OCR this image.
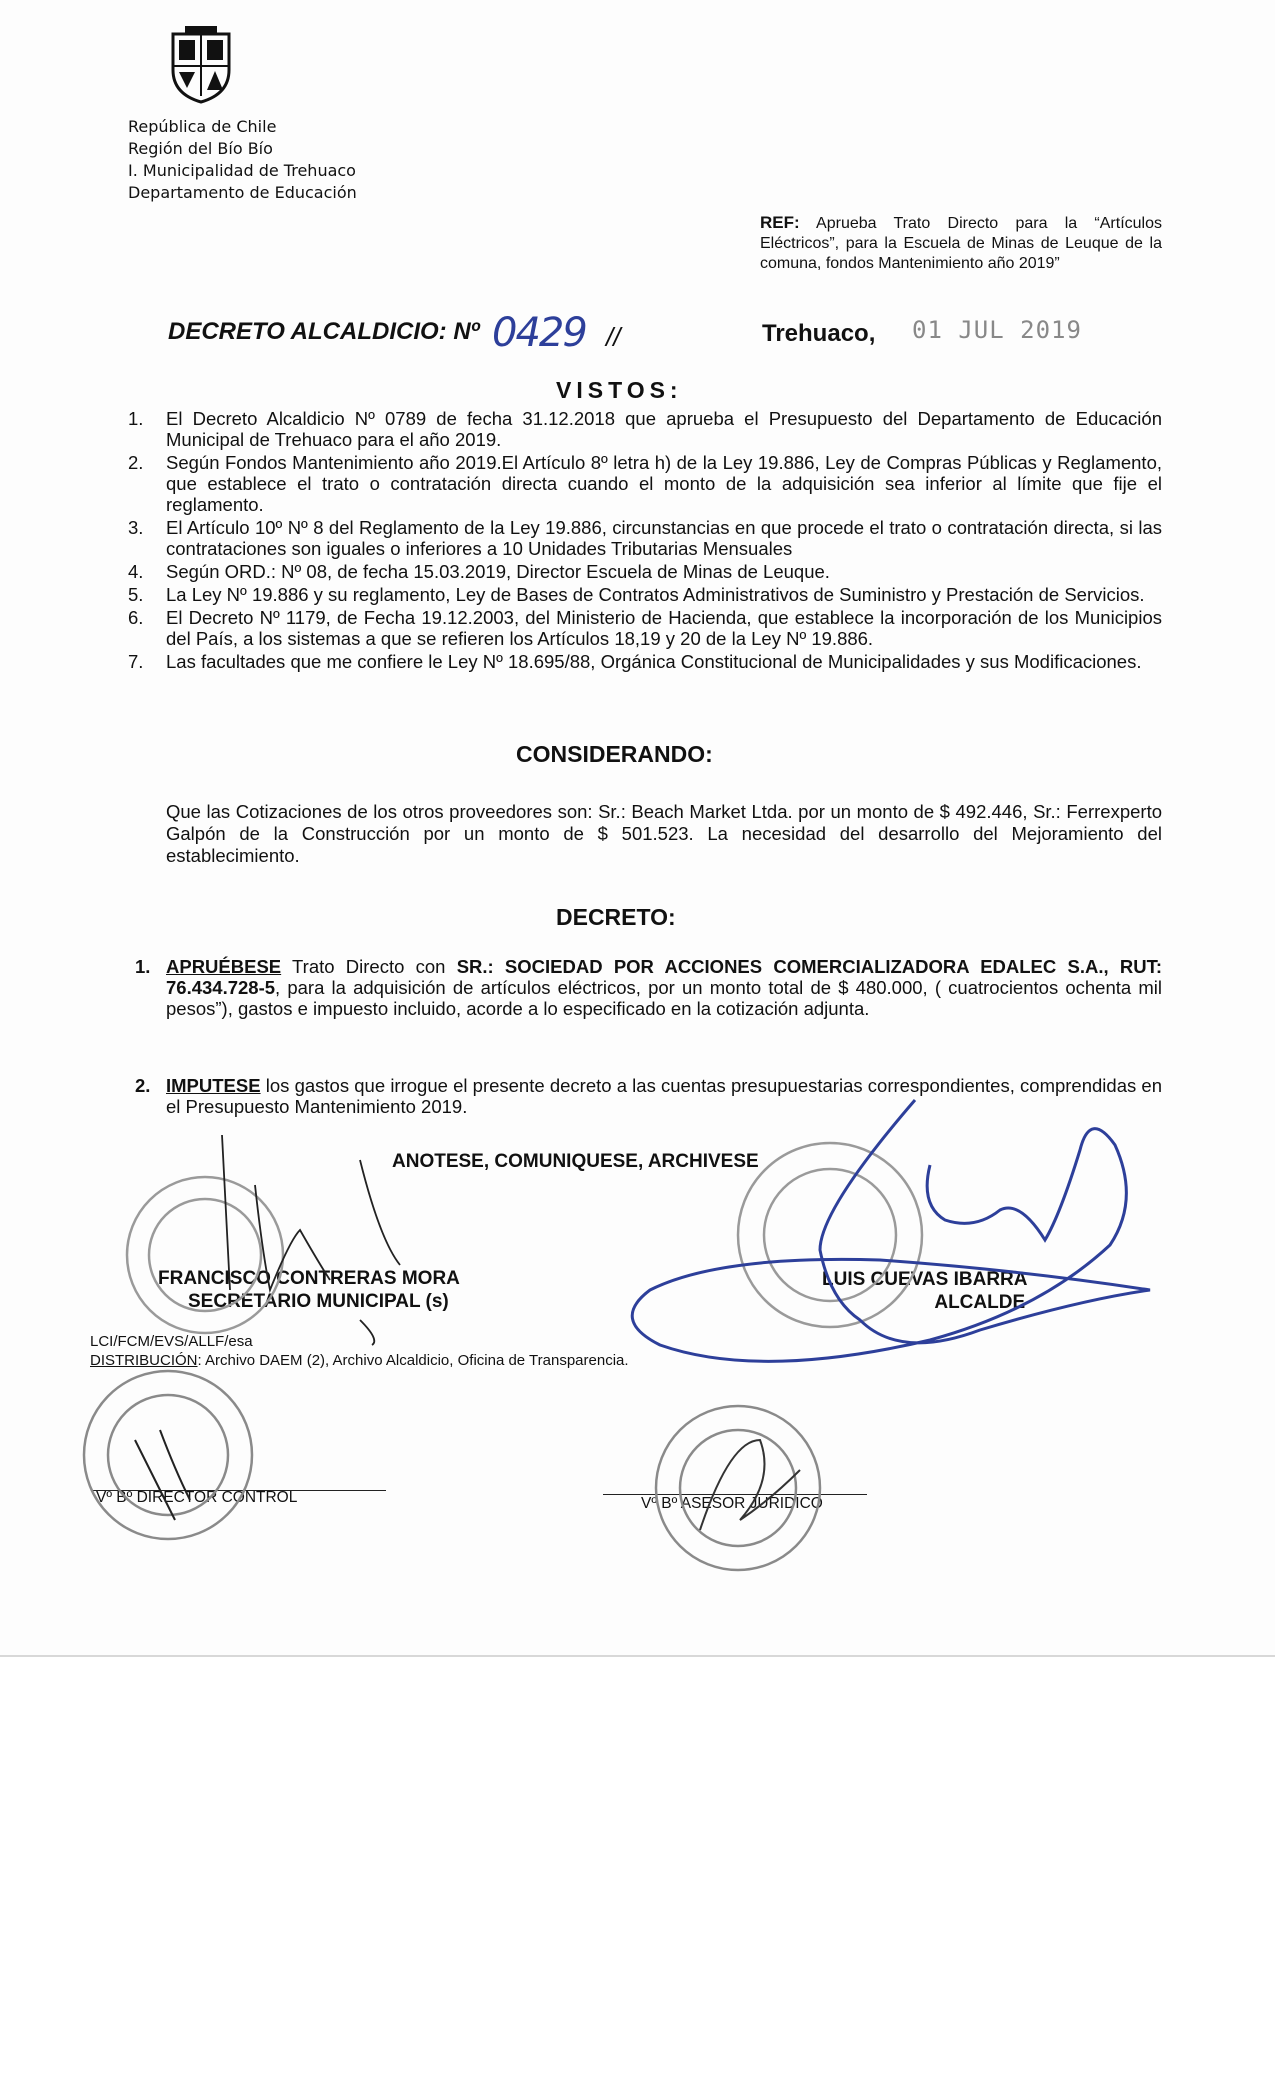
República de Chile
Región del Bío Bío
I. Municipalidad de Trehuaco
Departamento de Educación
REF: Aprueba Trato Directo para la “Artículos Eléctricos”, para la Escuela de Minas de Leuque de la comuna, fondos Mantenimiento año 2019”
DECRETO ALCALDICIO: Nº 0429 //	Trehuaco, 01 JUL 2019
VISTOS:
1.	El Decreto Alcaldicio Nº 0789 de fecha 31.12.2018 que aprueba el Presupuesto del Departamento de Educación Municipal de Trehuaco para el año 2019.
2.	Según Fondos Mantenimiento año 2019.El Artículo 8º letra h) de la Ley 19.886, Ley de Compras Públicas y Reglamento, que establece el trato o contratación directa cuando el monto de la adquisición sea inferior al límite que fije el reglamento.
3.	El Artículo 10º Nº 8 del Reglamento de la Ley 19.886, circunstancias en que procede el trato o contratación directa, si las contrataciones son iguales o inferiores a 10 Unidades Tributarias Mensuales
4.	Según ORD.: Nº 08, de fecha 15.03.2019, Director Escuela de Minas de Leuque.
5.	La Ley Nº 19.886 y su reglamento, Ley de Bases de Contratos Administrativos de Suministro y Prestación de Servicios.
6.	El Decreto Nº 1179, de Fecha 19.12.2003, del Ministerio de Hacienda, que establece la incorporación de los Municipios del País, a los sistemas a que se refieren los Artículos 18,19 y 20 de la Ley Nº 19.886.
7.	Las facultades que me confiere le Ley Nº 18.695/88, Orgánica Constitucional de Municipalidades y sus Modificaciones.
CONSIDERANDO:
Que las Cotizaciones de los otros proveedores son: Sr.: Beach Market Ltda. por un monto de $ 492.446, Sr.: Ferrexperto Galpón de la Construcción por un monto de $ 501.523. La necesidad del desarrollo del Mejoramiento del establecimiento.
DECRETO:
1. APRUÉBESE Trato Directo con SR.: SOCIEDAD POR ACCIONES COMERCIALIZADORA EDALEC S.A., RUT: 76.434.728-5, para la adquisición de artículos eléctricos, por un monto total de $ 480.000, ( cuatrocientos ochenta mil pesos”), gastos e impuesto incluido, acorde a lo especificado en la cotización adjunta.
2. IMPUTESE los gastos que irrogue el presente decreto a las cuentas presupuestarias correspondientes, comprendidas en el Presupuesto Mantenimiento 2019.
ANOTESE, COMUNIQUESE, ARCHIVESE
FRANCISCO CONTRERAS MORA
SECRETARIO MUNICIPAL (s)
LUIS CUEVAS IBARRA
ALCALDE
LCI/FCM/EVS/ALLF/esa
DISTRIBUCIÓN: Archivo DAEM (2), Archivo Alcaldicio, Oficina de Transparencia.
Vº Bº DIRECTOR CONTROL	Vº Bº ASESOR JURIDICO
